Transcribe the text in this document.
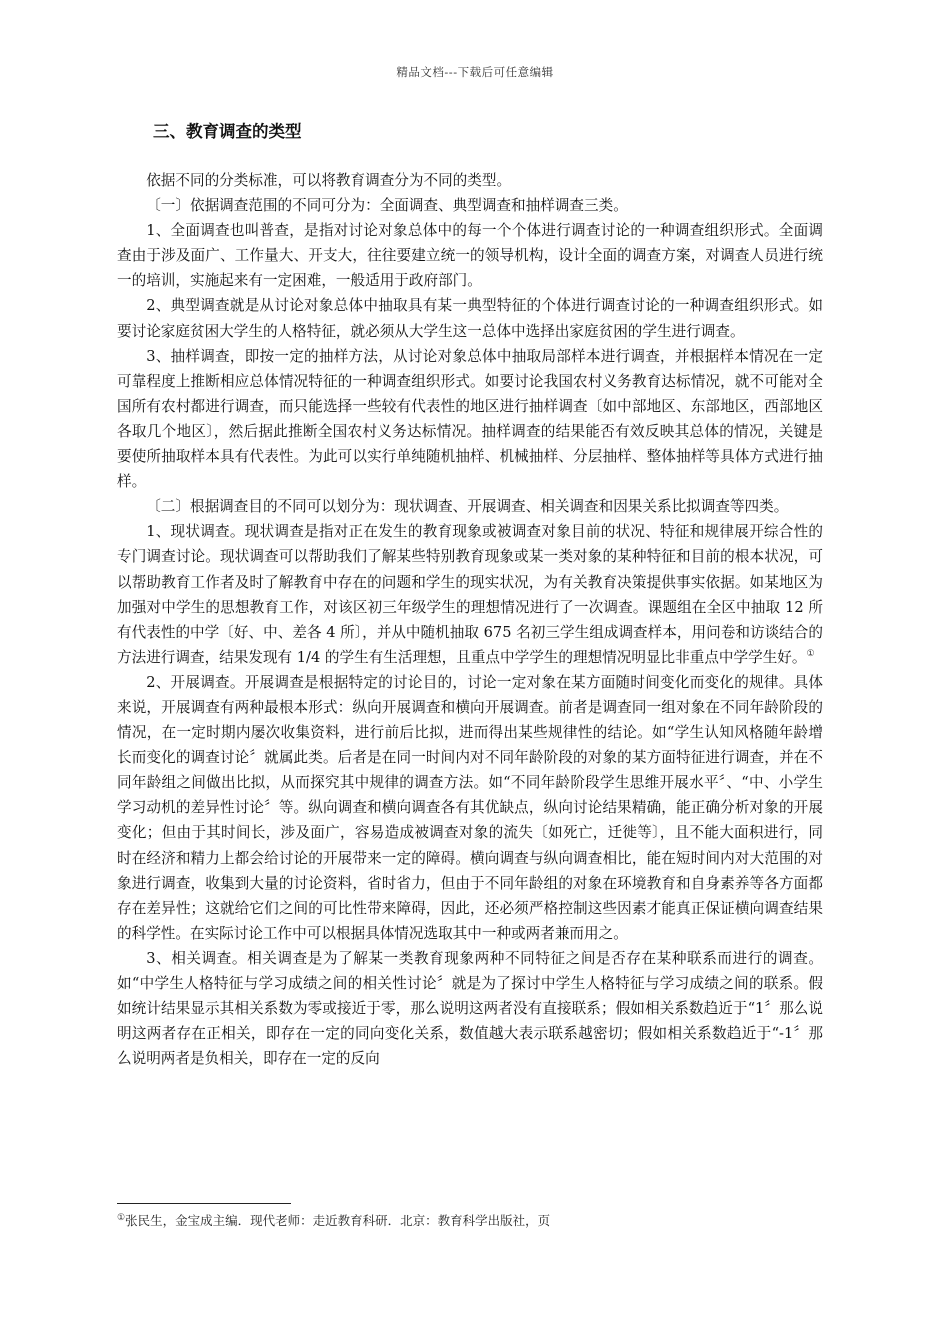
精品文档---下载后可任意编辑
三、教育调查的类型

依据不同的分类标准，可以将教育调查分为不同的类型。

〔一〕依据调查范围的不同可分为：全面调查、典型调查和抽样调查三类。

1、全面调查也叫普查，是指对讨论对象总体中的每一个个体进行调查讨论的一种调查组织形式。全面调查由于涉及面广、工作量大、开支大，往往要建立统一的领导机构，设计全面的调查方案，对调查人员进行统一的培训，实施起来有一定困难，一般适用于政府部门。

2、典型调查就是从讨论对象总体中抽取具有某一典型特征的个体进行调查讨论的一种调查组织形式。如要讨论家庭贫困大学生的人格特征，就必须从大学生这一总体中选择出家庭贫困的学生进行调查。

3、抽样调查，即按一定的抽样方法，从讨论对象总体中抽取局部样本进行调查，并根据样本情况在一定可靠程度上推断相应总体情况特征的一种调查组织形式。如要讨论我国农村义务教育达标情况，就不可能对全国所有农村都进行调查，而只能选择一些较有代表性的地区进行抽样调查〔如中部地区、东部地区，西部地区各取几个地区〕，然后据此推断全国农村义务达标情况。抽样调查的结果能否有效反映其总体的情况，关键是要使所抽取样本具有代表性。为此可以实行单纯随机抽样、机械抽样、分层抽样、整体抽样等具体方式进行抽样。

〔二〕根据调查目的不同可以划分为：现状调查、开展调查、相关调查和因果关系比拟调查等四类。

1、现状调查。现状调查是指对正在发生的教育现象或被调查对象目前的状况、特征和规律展开综合性的专门调查讨论。现状调查可以帮助我们了解某些特别教育现象或某一类对象的某种特征和目前的根本状况，可以帮助教育工作者及时了解教育中存在的问题和学生的现实状况，为有关教育决策提供事实依据。如某地区为加强对中学生的思想教育工作，对该区初三年级学生的理想情况进行了一次调查。课题组在全区中抽取 12 所有代表性的中学〔好、中、差各 4 所〕，并从中随机抽取 675 名初三学生组成调查样本，用问卷和访谈结合的方法进行调查，结果发现有 1/4 的学生有生活理想，且重点中学学生的理想情况明显比非重点中学学生好。①

2、开展调查。开展调查是根据特定的讨论目的，讨论一定对象在某方面随时间变化而变化的规律。具体来说，开展调查有两种最根本形式：纵向开展调查和横向开展调查。前者是调查同一组对象在不同年龄阶段的情况，在一定时期内屡次收集资料，进行前后比拟，进而得出某些规律性的结论。如“学生认知风格随年龄增长而变化的调查讨论〞就属此类。后者是在同一时间内对不同年龄阶段的对象的某方面特征进行调查，并在不同年龄组之间做出比拟，从而探究其中规律的调查方法。如“不同年龄阶段学生思维开展水平〞、“中、小学生学习动机的差异性讨论〞等。纵向调查和横向调查各有其优缺点，纵向讨论结果精确，能正确分析对象的开展变化；但由于其时间长，涉及面广，容易造成被调查对象的流失〔如死亡，迁徙等〕，且不能大面积进行，同时在经济和精力上都会给讨论的开展带来一定的障碍。横向调查与纵向调查相比，能在短时间内对大范围的对象进行调查，收集到大量的讨论资料，省时省力，但由于不同年龄组的对象在环境教育和自身素养等各方面都存在差异性；这就给它们之间的可比性带来障碍，因此，还必须严格控制这些因素才能真正保证横向调查结果的科学性。在实际讨论工作中可以根据具体情况选取其中一种或两者兼而用之。

3、相关调查。相关调查是为了解某一类教育现象两种不同特征之间是否存在某种联系而进行的调查。如“中学生人格特征与学习成绩之间的相关性讨论〞就是为了探讨中学生人格特征与学习成绩之间的联系。假如统计结果显示其相关系数为零或接近于零，那么说明这两者没有直接联系；假如相关系数趋近于“1〞那么说明这两者存在正相关，即存在一定的同向变化关系，数值越大表示联系越密切；假如相关系数趋近于“-1〞那么说明两者是负相关，即存在一定的反向

①张民生，金宝成主编．现代老师：走近教育科研．北京：教育科学出版社，页
